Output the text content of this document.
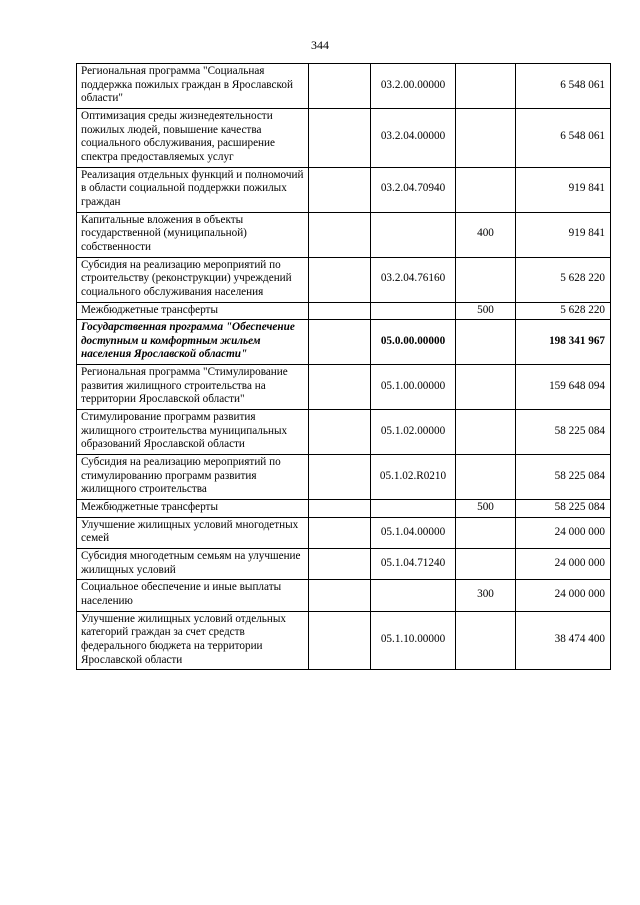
344
Региональная программа "Социальная поддержка пожилых граждан в Ярославской области"		03.2.00.00000		6 548 061
Оптимизация среды жизнедеятельности пожилых людей, повышение качества социального обслуживания, расширение спектра предоставляемых услуг		03.2.04.00000		6 548 061
Реализация отдельных функций и полномочий в области социальной поддержки пожилых граждан		03.2.04.70940		919 841
Капитальные вложения в объекты государственной (муниципальной) собственности			400	919 841
Субсидия на реализацию мероприятий по строительству (реконструкции) учреждений социального обслуживания населения		03.2.04.76160		5 628 220
Межбюджетные трансферты			500	5 628 220
Государственная программа "Обеспечение доступным и комфортным жильем населения Ярославской области"		05.0.00.00000		198 341 967
Региональная программа "Стимулирование развития жилищного строительства на территории Ярославской области"		05.1.00.00000		159 648 094
Стимулирование программ развития жилищного строительства муниципальных образований Ярославской области		05.1.02.00000		58 225 084
Субсидия на реализацию мероприятий по стимулированию программ развития жилищного строительства		05.1.02.R0210		58 225 084
Межбюджетные трансферты			500	58 225 084
Улучшение жилищных условий многодетных семей		05.1.04.00000		24 000 000
Субсидия многодетным семьям на улучшение жилищных условий		05.1.04.71240		24 000 000
Социальное обеспечение и иные выплаты населению			300	24 000 000
Улучшение жилищных условий отдельных категорий граждан за счет средств федерального бюджета на территории Ярославской области		05.1.10.00000		38 474 400
